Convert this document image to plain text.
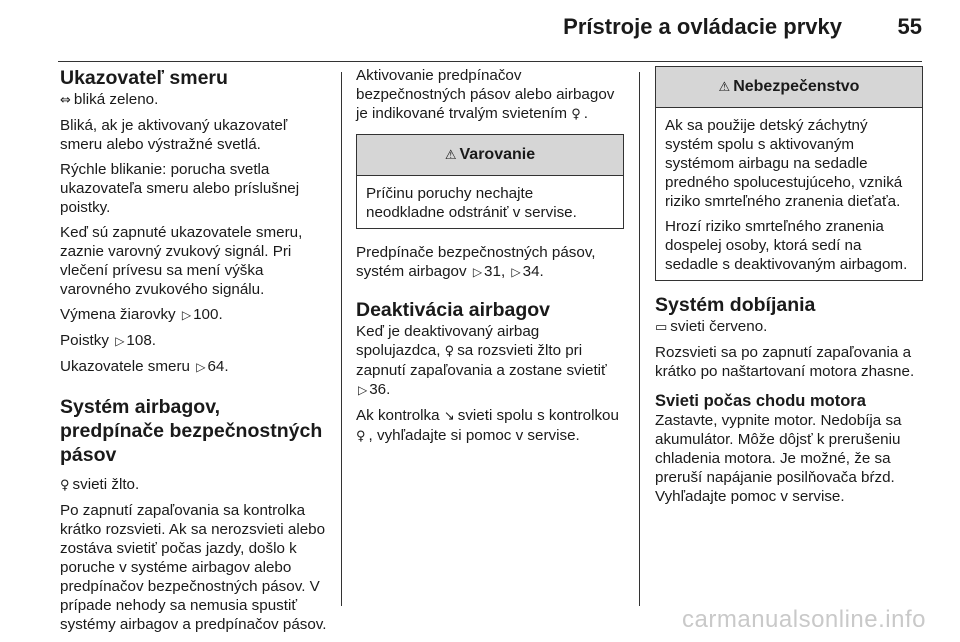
Prístroje a ovládacie prvky	55
Ukazovateľ smeru

⇔ bliká zeleno.

Bliká, ak je aktivovaný ukazovateľ smeru alebo výstražné svetlá.

Rýchle blikanie: porucha svetla ukazovateľa smeru alebo príslušnej poistky.

Keď sú zapnuté ukazovatele smeru, zaznie varovný zvukový signál. Pri vlečení prívesu sa mení výška varovného zvukového signálu.

Výmena žiarovky ▷ 100.

Poistky ▷ 108.

Ukazovatele smeru ▷ 64.

Systém airbagov, predpínače bezpečnostných pásov

♀ svieti žlto.

Po zapnutí zapaľovania sa kontrolka krátko rozsvieti. Ak sa nerozsvieti alebo zostáva svietiť počas jazdy, došlo k poruche v systéme airbagov alebo predpínačov bezpečnostných pásov. V prípade nehody sa nemusia spustiť systémy airbagov a predpínačov pásov.

Aktivovanie predpínačov bezpečnostných pásov alebo airbagov je indikované trvalým svietením ♀ .

⚠ Varovanie
Príčinu poruchy nechajte neodkladne odstrániť v servise.

Predpínače bezpečnostných pásov, systém airbagov ▷ 31, ▷ 34.

Deaktivácia airbagov

Keď je deaktivovaný airbag spolujazdca, ♀ sa rozsvieti žlto pri zapnutí zapaľovania a zostane svietiť ▷ 36.

Ak kontrolka ↘ svieti spolu s kontrolkou ♀ , vyhľadajte si pomoc v servise.

⚠ Nebezpečenstvo

Ak sa použije detský záchytný systém spolu s aktivovaným systémom airbagu na sedadle predného spolucestujúceho, vzniká riziko smrteľného zranenia dieťaťa.

Hrozí riziko smrteľného zranenia dospelej osoby, ktorá sedí na sedadle s deaktivovaným airbagom.

Systém dobíjania

▭ svieti červeno.

Rozsvieti sa po zapnutí zapaľovania a krátko po naštartovaní motora zhasne.

Svieti počas chodu motora

Zastavte, vypnite motor. Nedobíja sa akumulátor. Môže dôjsť k prerušeniu chladenia motora. Je možné, že sa preruší napájanie posilňovača bŕzd. Vyhľadajte pomoc v servise.

carmanualsonline.info
